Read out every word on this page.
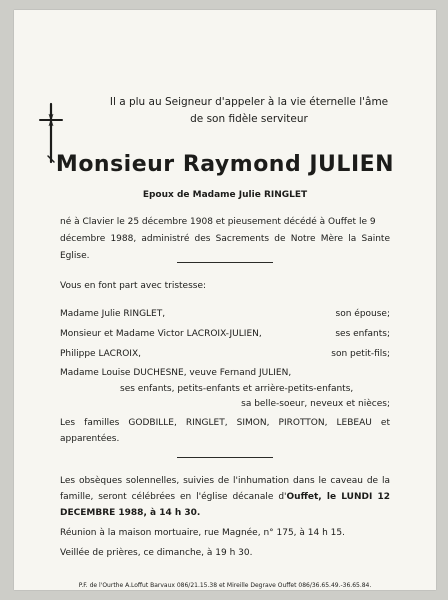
Il a plu au Seigneur d'appeler à la vie éternelle l'âme
de son fidèle serviteur
Monsieur Raymond JULIEN
Epoux de Madame Julie RINGLET
né à Clavier le 25 décembre 1908 et pieusement décédé à Ouffet le 9
décembre 1988, administré des Sacrements de Notre Mère la Sainte Eglise.
Vous en font part avec tristesse:
Madame Julie RINGLET,	son épouse;
Monsieur et Madame Victor LACROIX-JULIEN,	ses enfants;
Philippe LACROIX,	son petit-fils;
Madame Louise DUCHESNE, veuve Fernand JULIEN,
ses enfants, petits-enfants et arrière-petits-enfants,
sa belle-soeur, neveux et nièces;
Les familles GODBILLE, RINGLET, SIMON, PIROTTON, LEBEAU et
apparentées.
Les obsèques solennelles, suivies de l'inhumation dans le caveau de la
famille, seront célébrées en l'église décanale d'Ouffet, le LUNDI 12
DECEMBRE 1988, à 14 h 30.
Réunion à la maison mortuaire, rue Magnée, n° 175, à 14 h 15.
Veillée de prières, ce dimanche, à 19 h 30.
P.F. de l'Ourthe A.Loffut Barvaux 086/21.15.38 et Mireille Degrave Ouffet 086/36.65.49.-36.65.84.
